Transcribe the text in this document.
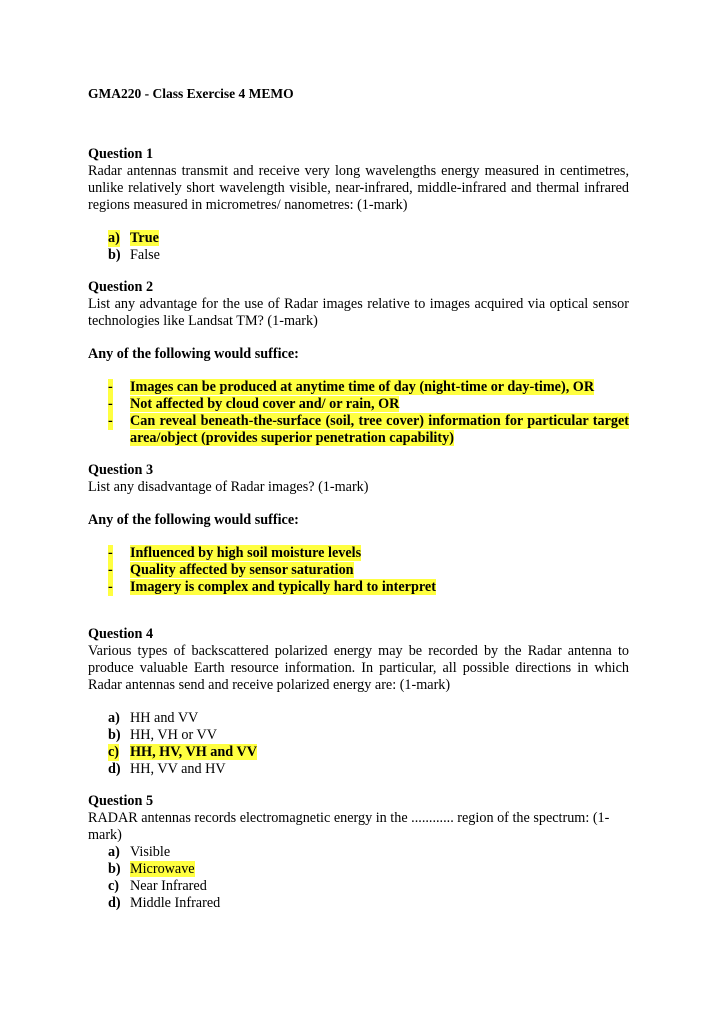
GMA220 - Class Exercise 4 MEMO
Question 1
Radar antennas transmit and receive very long wavelengths energy measured in centimetres, unlike relatively short wavelength visible, near-infrared, middle-infrared and thermal infrared regions measured in micrometres/ nanometres: (1-mark)
a) True
b) False
Question 2
List any advantage for the use of Radar images relative to images acquired via optical sensor technologies like Landsat TM? (1-mark)
Any of the following would suffice:
- Images can be produced at anytime time of day (night-time or day-time), OR
- Not affected by cloud cover and/ or rain, OR
- Can reveal beneath-the-surface (soil, tree cover) information for particular target area/object (provides superior penetration capability)
Question 3
List any disadvantage of Radar images? (1-mark)
Any of the following would suffice:
- Influenced by high soil moisture levels
- Quality affected by sensor saturation
- Imagery is complex and typically hard to interpret
Question 4
Various types of backscattered polarized energy may be recorded by the Radar antenna to produce valuable Earth resource information. In particular, all possible directions in which Radar antennas send and receive polarized energy are: (1-mark)
a) HH and VV
b) HH, VH or VV
c) HH, HV, VH and VV
d) HH, VV and HV
Question 5
RADAR antennas records electromagnetic energy in the ............ region of the spectrum: (1-mark)
a) Visible
b) Microwave
c) Near Infrared
d) Middle Infrared
